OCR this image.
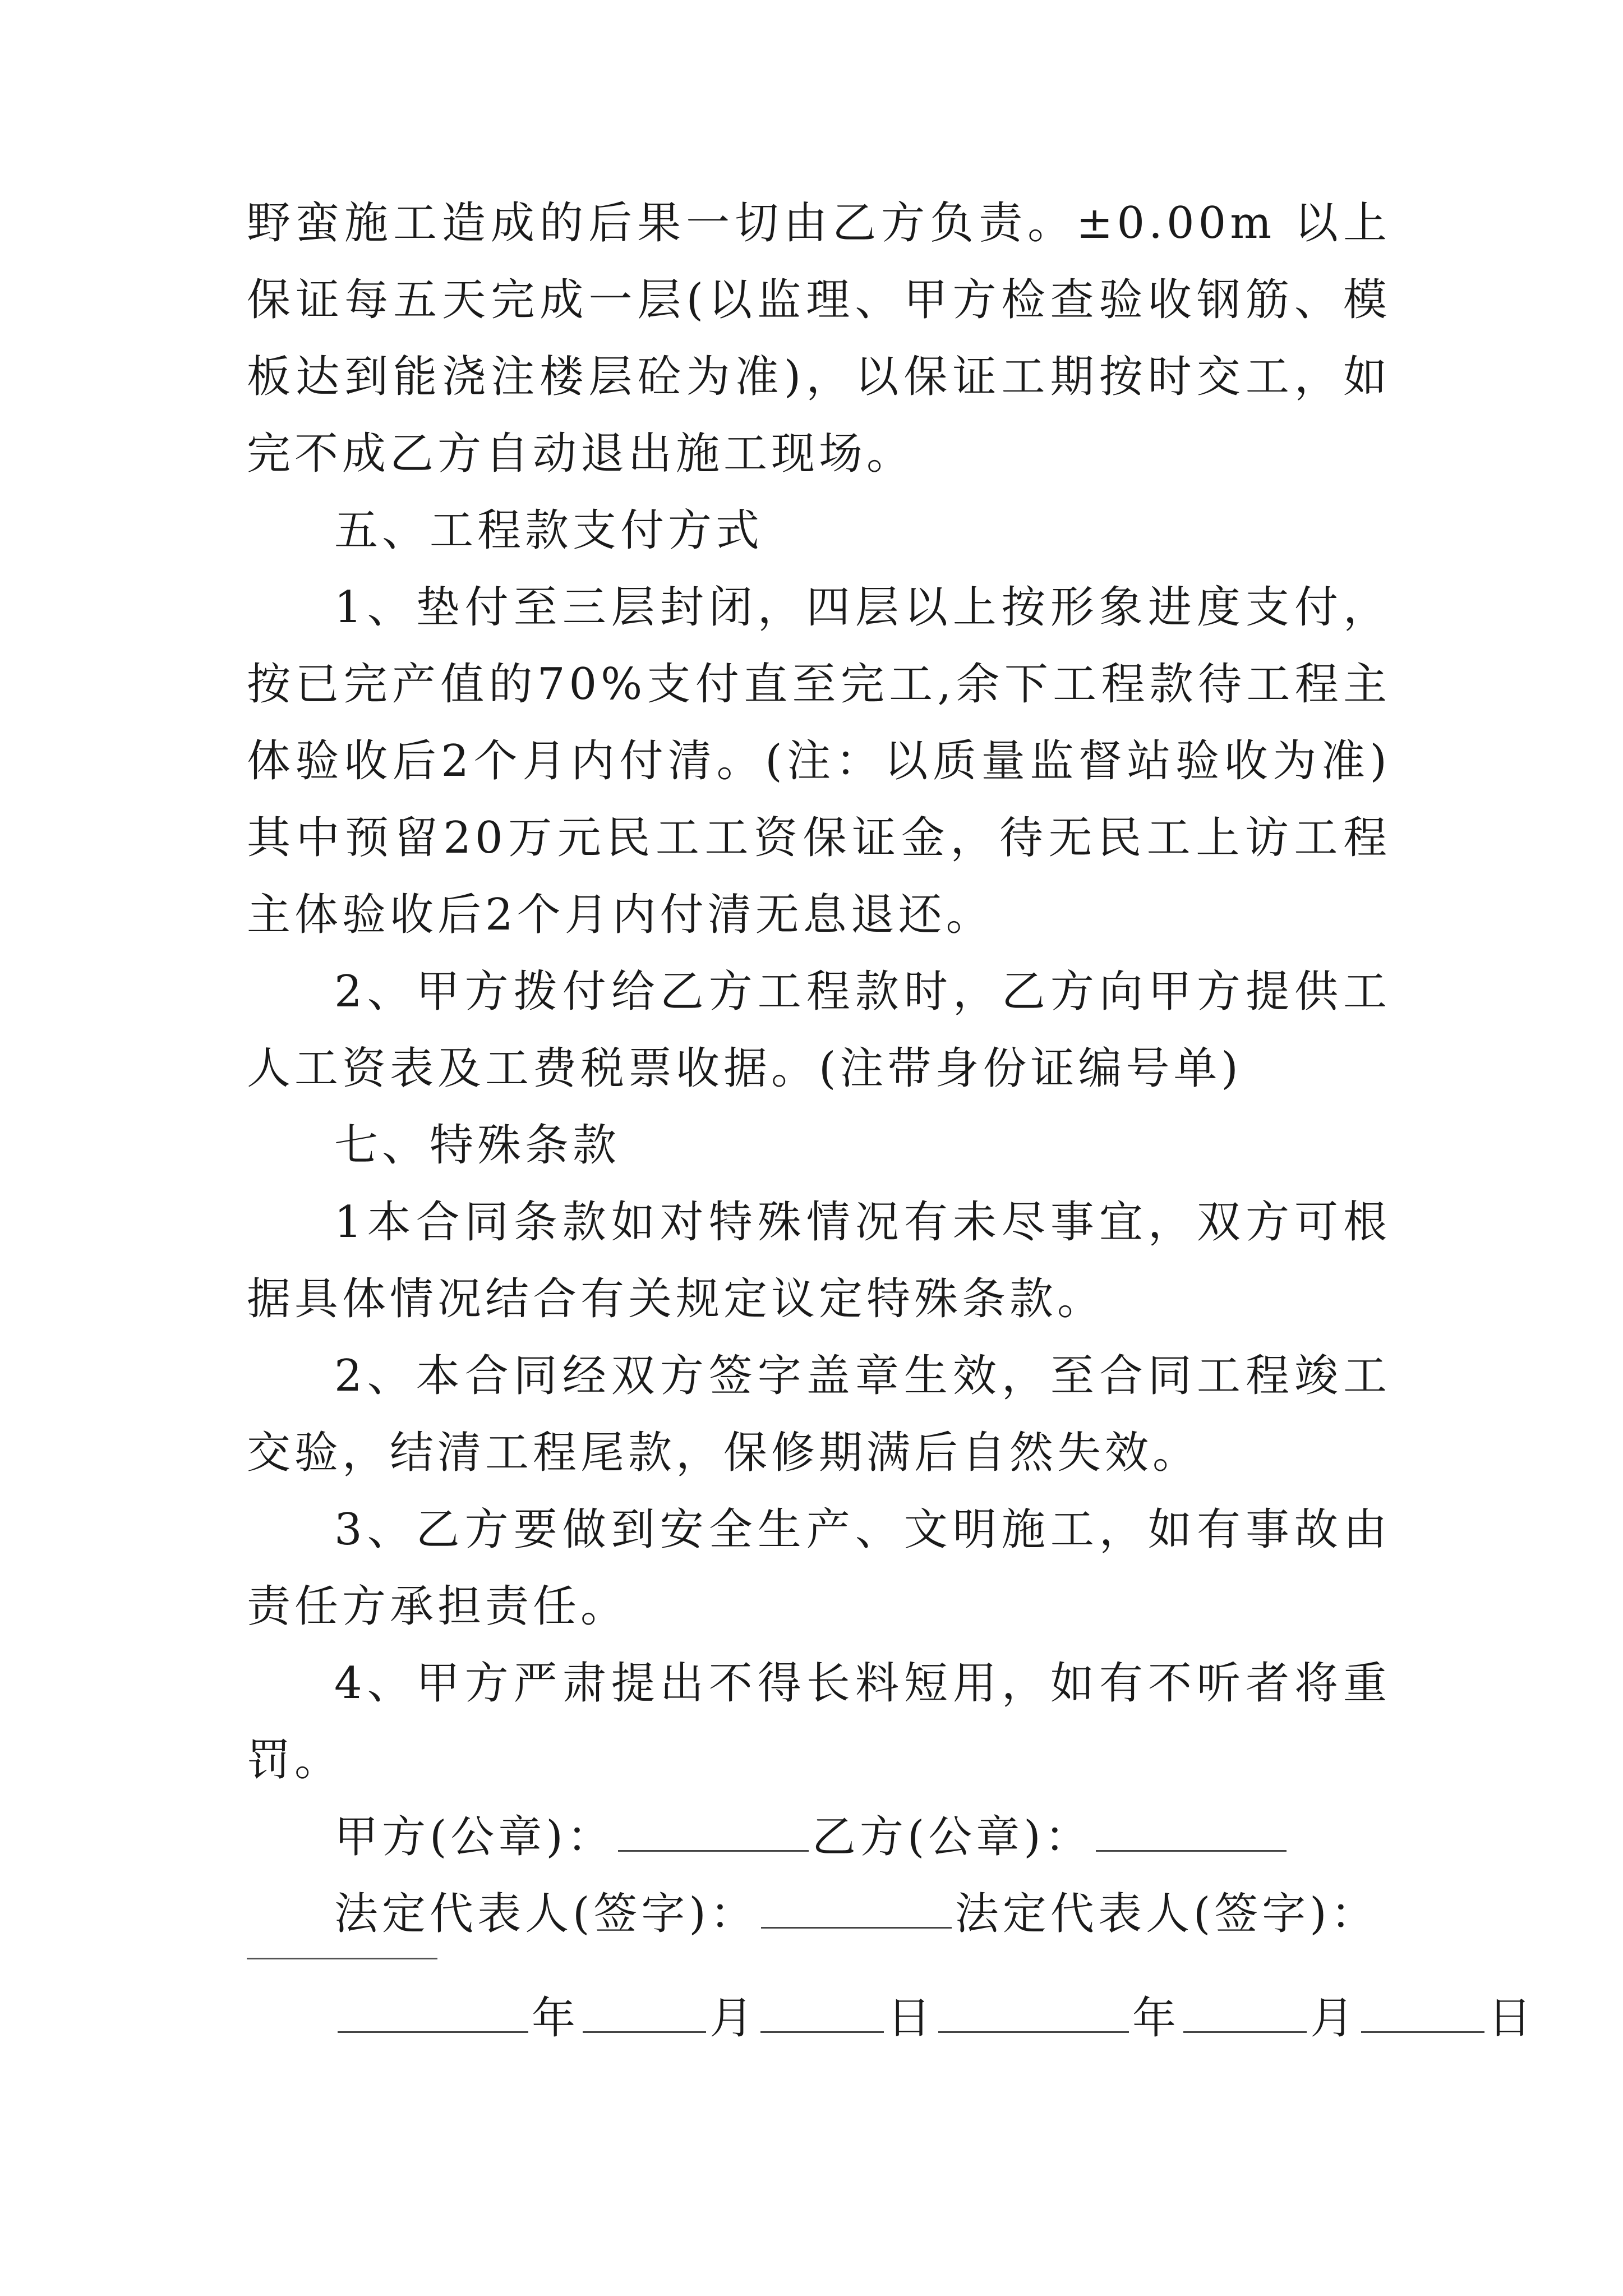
野蛮施工造成的后果一切由乙方负责。±0.00m 以上保证每五天完成一层(以监理、甲方检查验收钢筋、模板达到能浇注楼层砼为准)，以保证工期按时交工，如完不成乙方自动退出施工现场。

五、工程款支付方式

1、垫付至三层封闭，四层以上按形象进度支付，按已完产值的70%支付直至完工,余下工程款待工程主体验收后2个月内付清。(注：以质量监督站验收为准)其中预留20万元民工工资保证金，待无民工上访工程主体验收后2个月内付清无息退还。

2、甲方拨付给乙方工程款时，乙方向甲方提供工人工资表及工费税票收据。(注带身份证编号单)

七、特殊条款

1本合同条款如对特殊情况有未尽事宜，双方可根据具体情况结合有关规定议定特殊条款。

2、本合同经双方签字盖章生效，至合同工程竣工交验，结清工程尾款，保修期满后自然失效。

3、乙方要做到安全生产、文明施工，如有事故由责任方承担责任。

4、甲方严肃提出不得长料短用，如有不听者将重罚。

甲方(公章)：	乙方(公章)：
法定代表人(签字)：	法定代表人(签字)：
年	月	日	年	月	日
